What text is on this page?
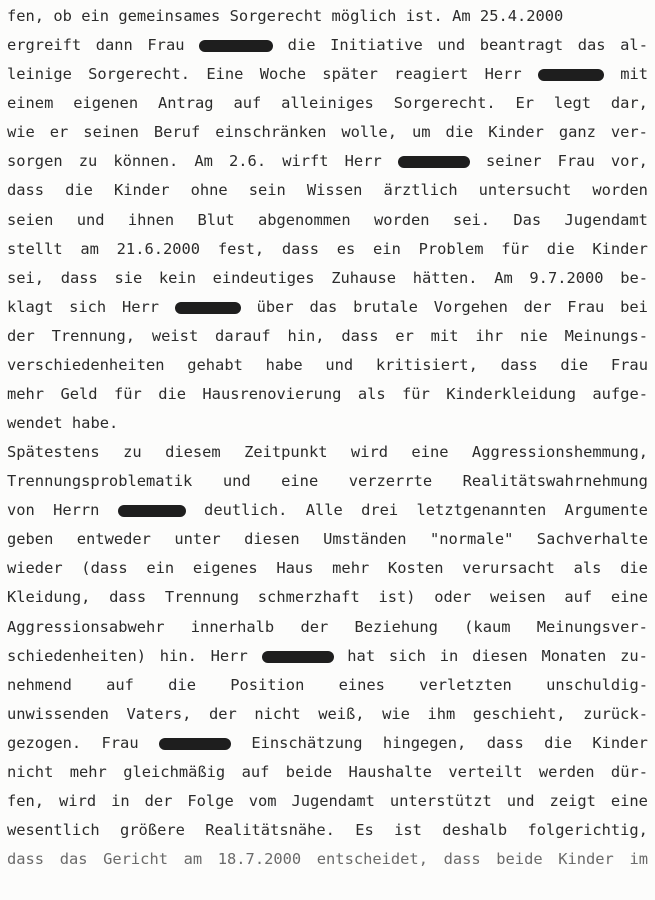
fen, ob ein gemeinsames Sorgerecht möglich ist. Am 25.4.2000
ergreift dann Frau	die Initiative und beantragt das al-
leinige Sorgerecht. Eine Woche später reagiert Herr	mit
einem eigenen Antrag auf alleiniges Sorgerecht. Er legt dar,
wie er seinen Beruf einschränken wolle, um die Kinder ganz ver-
sorgen zu können. Am 2.6. wirft Herr	seiner Frau vor,
dass die Kinder ohne sein Wissen ärztlich untersucht worden
seien und ihnen Blut abgenommen worden sei. Das Jugendamt
stellt am 21.6.2000 fest, dass es ein Problem für die Kinder
sei, dass sie kein eindeutiges Zuhause hätten. Am 9.7.2000 be-
klagt sich Herr	über das brutale Vorgehen der Frau bei
der Trennung, weist darauf hin, dass er mit ihr nie Meinungs-
verschiedenheiten gehabt habe und kritisiert, dass die Frau
mehr Geld für die Hausrenovierung als für Kinderkleidung aufge-
wendet habe.
Spätestens zu diesem Zeitpunkt wird eine Aggressionshemmung,
Trennungsproblematik und eine verzerrte Realitätswahrnehmung
von Herrn	deutlich. Alle drei letztgenannten Argumente
geben entweder unter diesen Umständen "normale" Sachverhalte
wieder (dass ein eigenes Haus mehr Kosten verursacht als die
Kleidung, dass Trennung schmerzhaft ist) oder weisen auf eine
Aggressionsabwehr innerhalb der Beziehung (kaum Meinungsver-
schiedenheiten) hin. Herr	hat sich in diesen Monaten zu-
nehmend auf die Position eines verletzten unschuldig-
unwissenden Vaters, der nicht weiß, wie ihm geschieht, zurück-
gezogen. Frau	Einschätzung hingegen, dass die Kinder
nicht mehr gleichmäßig auf beide Haushalte verteilt werden dür-
fen, wird in der Folge vom Jugendamt unterstützt und zeigt eine
wesentlich größere Realitätsnähe. Es ist deshalb folgerichtig,
dass das Gericht am 18.7.2000 entscheidet, dass beide Kinder im
